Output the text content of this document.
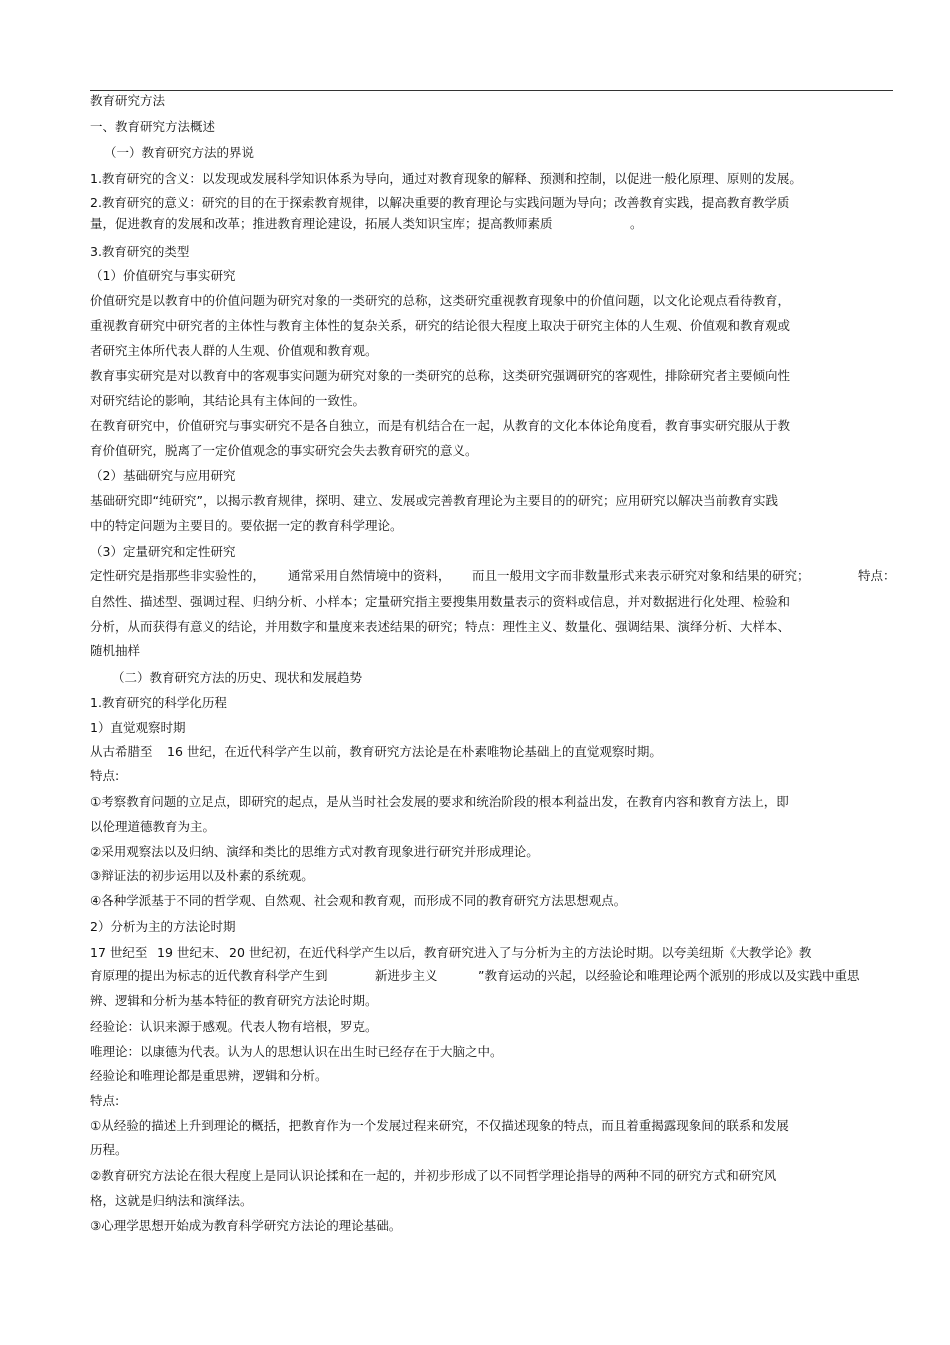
教育研究方法
一、教育研究方法概述
（一）教育研究方法的界说
1.教育研究的含义：以发现或发展科学知识体系为导向，通过对教育现象的解释、预测和控制，以促进一般化原理、原则的发展。
2.教育研究的意义：研究的目的在于探索教育规律，以解决重要的教育理论与实践问题为导向；改善教育实践，提高教育教学质
量，促进教育的发展和改革；推进教育理论建设，拓展人类知识宝库；提高教师素质	。
3.教育研究的类型
（1）价值研究与事实研究
价值研究是以教育中的价值问题为研究对象的一类研究的总称，这类研究重视教育现象中的价值问题，以文化论观点看待教育，
重视教育研究中研究者的主体性与教育主体性的复杂关系，研究的结论很大程度上取决于研究主体的人生观、价值观和教育观或
者研究主体所代表人群的人生观、价值观和教育观。
教育事实研究是对以教育中的客观事实问题为研究对象的一类研究的总称，这类研究强调研究的客观性，排除研究者主要倾向性
对研究结论的影响，其结论具有主体间的一致性。
在教育研究中，价值研究与事实研究不是各自独立，而是有机结合在一起，从教育的文化本体论角度看，教育事实研究服从于教
育价值研究，脱离了一定价值观念的事实研究会失去教育研究的意义。
（2）基础研究与应用研究
基础研究即“纯研究”，以揭示教育规律，探明、建立、发展或完善教育理论为主要目的的研究；应用研究以解决当前教育实践
中的特定问题为主要目的。要依据一定的教育科学理论。
（3）定量研究和定性研究
定性研究是指那些非实验性的， 通常采用自然情境中的资料， 而且一般用文字而非数量形式来表示研究对象和结果的研究；	特点：
自然性、描述型、强调过程、归纳分析、小样本；定量研究指主要搜集用数量表示的资料或信息，并对数据进行化处理、检验和
分析，从而获得有意义的结论，并用数字和量度来表述结果的研究；特点：理性主义、数量化、强调结果、演绎分析、大样本、
随机抽样
（二）教育研究方法的历史、现状和发展趋势
1.教育研究的科学化历程
1）直觉观察时期
从古希腊至 16 世纪，在近代科学产生以前，教育研究方法论是在朴素唯物论基础上的直觉观察时期。
特点:
①考察教育问题的立足点，即研究的起点，是从当时社会发展的要求和统治阶段的根本利益出发，在教育内容和教育方法上，即
以伦理道德教育为主。
②采用观察法以及归纳、演绎和类比的思维方式对教育现象进行研究并形成理论。
③辩证法的初步运用以及朴素的系统观。
④各种学派基于不同的哲学观、自然观、社会观和教育观，而形成不同的教育研究方法思想观点。
2）分析为主的方法论时期
17 世纪至 19 世纪末、 20 世纪初，在近代科学产生以后，教育研究进入了与分析为主的方法论时期。以夸美纽斯《大教学论》教
育原理的提出为标志的近代教育科学产生到	新进步主义	”教育运动的兴起，以经验论和唯理论两个派别的形成以及实践中重思
辨、逻辑和分析为基本特征的教育研究方法论时期。
经验论：认识来源于感观。代表人物有培根，罗克。
唯理论：以康德为代表。认为人的思想认识在出生时已经存在于大脑之中。
经验论和唯理论都是重思辨，逻辑和分析。
特点:
①从经验的描述上升到理论的概括，把教育作为一个发展过程来研究，不仅描述现象的特点，而且着重揭露现象间的联系和发展
历程。
②教育研究方法论在很大程度上是同认识论揉和在一起的，并初步形成了以不同哲学理论指导的两种不同的研究方式和研究风
格，这就是归纳法和演绎法。
③心理学思想开始成为教育科学研究方法论的理论基础。
